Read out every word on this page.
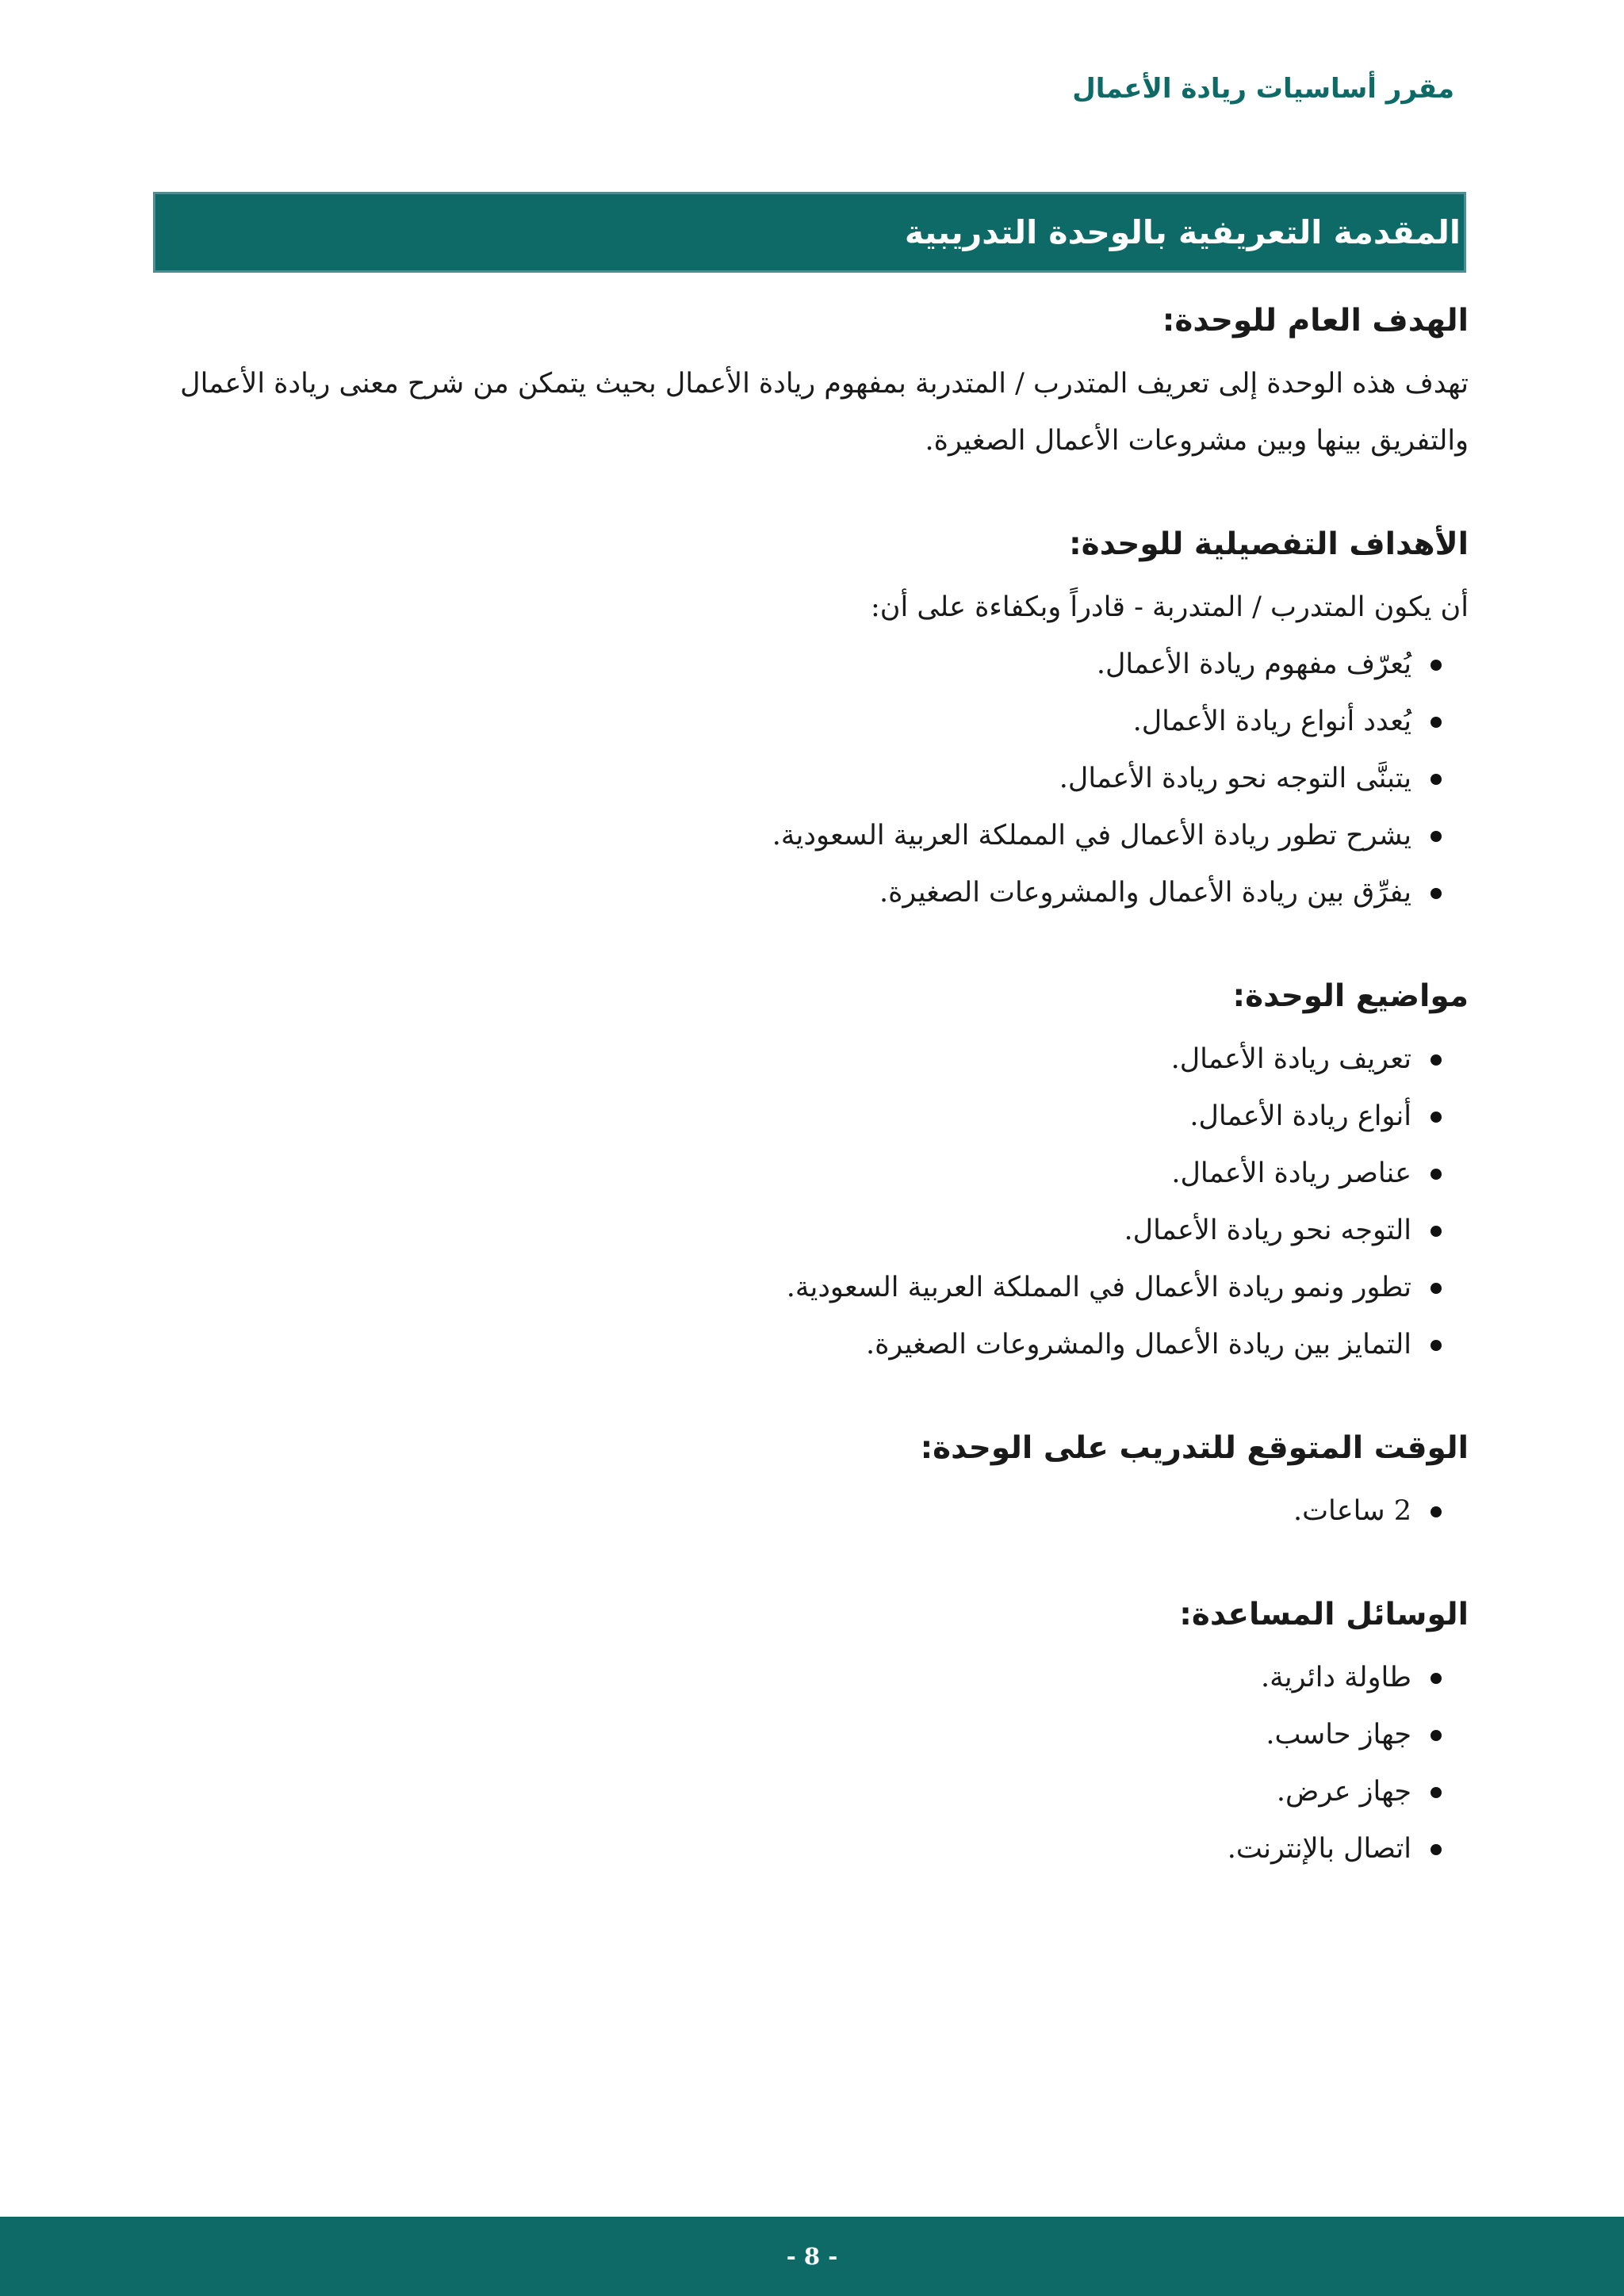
مقرر أساسيات ريادة الأعمال
المقدمة التعريفية بالوحدة التدريبية
الهدف العام للوحدة:

تهدف هذه الوحدة إلى تعريف المتدرب / المتدربة بمفهوم ريادة الأعمال بحيث يتمكن من شرح معنى ريادة الأعمال والتفريق بينها وبين مشروعات الأعمال الصغيرة.

الأهداف التفصيلية للوحدة:

أن يكون المتدرب / المتدربة - قادراً وبكفاءة على أن:

يُعرّف مفهوم ريادة الأعمال.
يُعدد أنواع ريادة الأعمال.
يتبنَّى التوجه نحو ريادة الأعمال.
يشرح تطور ريادة الأعمال في المملكة العربية السعودية.
يفرِّق بين ريادة الأعمال والمشروعات الصغيرة.
مواضيع الوحدة:
تعريف ريادة الأعمال.
أنواع ريادة الأعمال.
عناصر ريادة الأعمال.
التوجه نحو ريادة الأعمال.
تطور ونمو ريادة الأعمال في المملكة العربية السعودية.
التمايز بين ريادة الأعمال والمشروعات الصغيرة.
الوقت المتوقع للتدريب على الوحدة:
2 ساعات.
الوسائل المساعدة:
طاولة دائرية.
جهاز حاسب.
جهاز عرض.
اتصال بالإنترنت.
- 8 -
